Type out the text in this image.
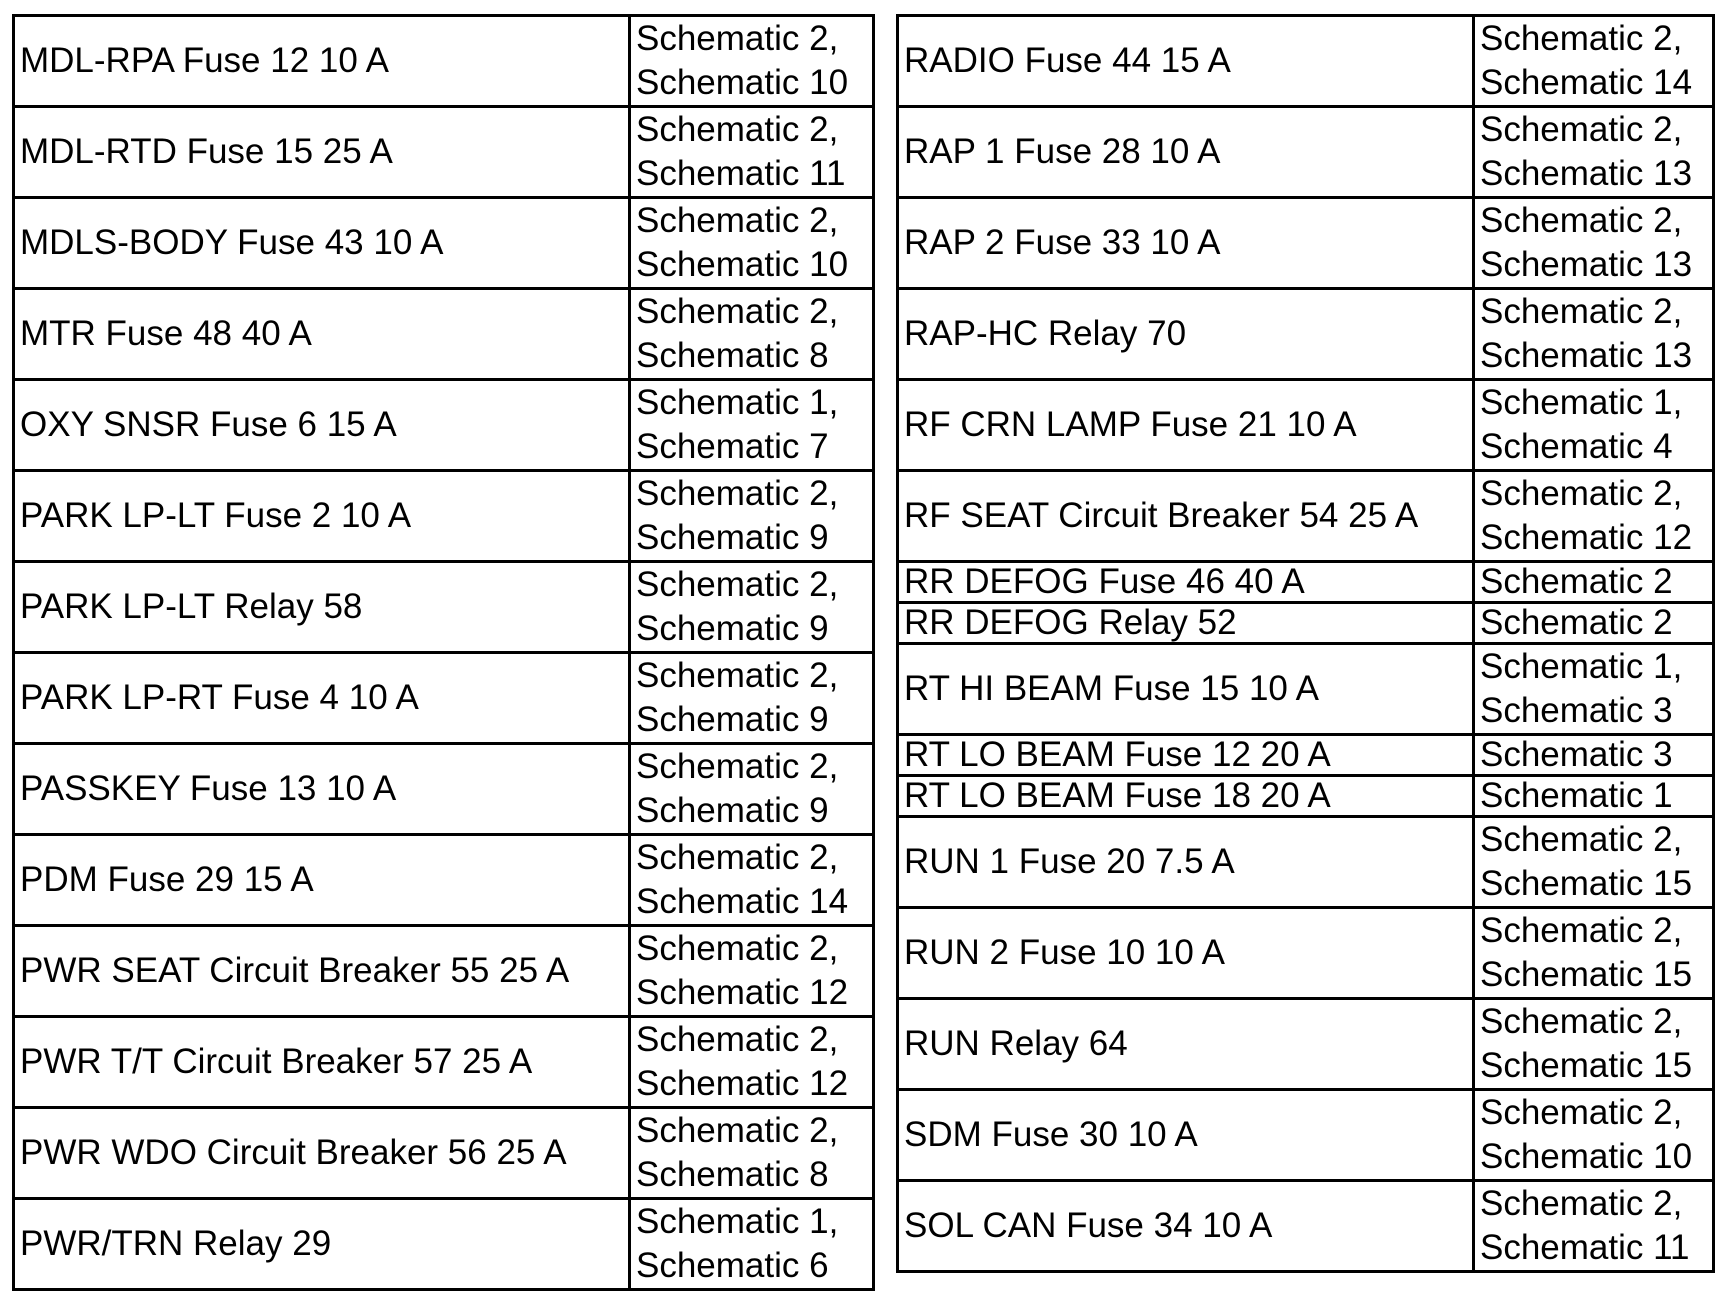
MDL-RPA Fuse 12 10 A	Schematic 2,
Schematic 10

MDL-RTD Fuse 15 25 A	Schematic 2,
Schematic 11

MDLS-BODY Fuse 43 10 A	Schematic 2,
Schematic 10

MTR Fuse 48 40 A	Schematic 2,
Schematic 8

OXY SNSR Fuse 6 15 A	Schematic 1,
Schematic 7

PARK LP-LT Fuse 2 10 A	Schematic 2,
Schematic 9

PARK LP-LT Relay 58	Schematic 2,
Schematic 9

PARK LP-RT Fuse 4 10 A	Schematic 2,
Schematic 9

PASSKEY Fuse 13 10 A	Schematic 2,
Schematic 9

PDM Fuse 29 15 A	Schematic 2,
Schematic 14

PWR SEAT Circuit Breaker 55 25 A	Schematic 2,
Schematic 12

PWR T/T Circuit Breaker 57 25 A	Schematic 2,
Schematic 12

PWR WDO Circuit Breaker 56 25 A	Schematic 2,
Schematic 8

PWR/TRN Relay 29	Schematic 1,
Schematic 6
RADIO Fuse 44 15 A	Schematic 2,
Schematic 14

RAP 1 Fuse 28 10 A	Schematic 2,
Schematic 13

RAP 2 Fuse 33 10 A	Schematic 2,
Schematic 13

RAP-HC Relay 70	Schematic 2,
Schematic 13

RF CRN LAMP Fuse 21 10 A	Schematic 1,
Schematic 4

RF SEAT Circuit Breaker 54 25 A	Schematic 2,
Schematic 12

RR DEFOG Fuse 46 40 A	Schematic 2

RR DEFOG Relay 52	Schematic 2

RT HI BEAM Fuse 15 10 A	Schematic 1,
Schematic 3

RT LO BEAM Fuse 12 20 A	Schematic 3

RT LO BEAM Fuse 18 20 A	Schematic 1

RUN 1 Fuse 20 7.5 A	Schematic 2,
Schematic 15

RUN 2 Fuse 10 10 A	Schematic 2,
Schematic 15

RUN Relay 64	Schematic 2,
Schematic 15

SDM Fuse 30 10 A	Schematic 2,
Schematic 10

SOL CAN Fuse 34 10 A	Schematic 2,
Schematic 11
